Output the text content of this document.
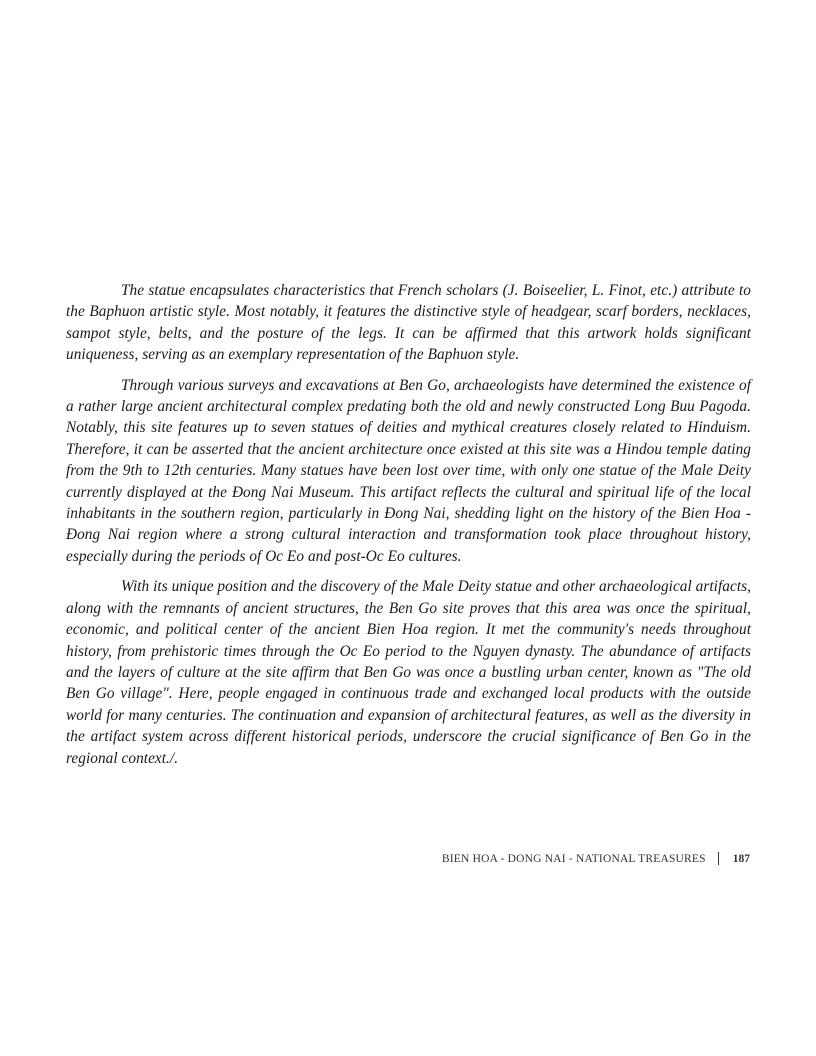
The statue encapsulates characteristics that French scholars (J. Boiseelier, L. Finot, etc.) attribute to the Baphuon artistic style. Most notably, it features the distinctive style of headgear, scarf borders, necklaces, sampot style, belts, and the posture of the legs. It can be affirmed that this artwork holds significant uniqueness, serving as an exemplary representation of the Baphuon style.

Through various surveys and excavations at Ben Go, archaeologists have determined the existence of a rather large ancient architectural complex predating both the old and newly constructed Long Buu Pagoda. Notably, this site features up to seven statues of deities and mythical creatures closely related to Hinduism. Therefore, it can be asserted that the ancient architecture once existed at this site was a Hindou temple dating from the 9th to 12th centuries. Many statues have been lost over time, with only one statue of the Male Deity currently displayed at the Đong Nai Museum. This artifact reflects the cultural and spiritual life of the local inhabitants in the southern region, particularly in Đong Nai, shedding light on the history of the Bien Hoa - Đong Nai region where a strong cultural interaction and transformation took place throughout history, especially during the periods of Oc Eo and post-Oc Eo cultures.

With its unique position and the discovery of the Male Deity statue and other archaeological artifacts, along with the remnants of ancient structures, the Ben Go site proves that this area was once the spiritual, economic, and political center of the ancient Bien Hoa region. It met the community's needs throughout history, from prehistoric times through the Oc Eo period to the Nguyen dynasty. The abundance of artifacts and the layers of culture at the site affirm that Ben Go was once a bustling urban center, known as "The old Ben Go village". Here, people engaged in continuous trade and exchanged local products with the outside world for many centuries. The continuation and expansion of architectural features, as well as the diversity in the artifact system across different historical periods, underscore the crucial significance of Ben Go in the regional context./.

BIEN HOA - DONG NAI - NATIONAL TREASURES 187
